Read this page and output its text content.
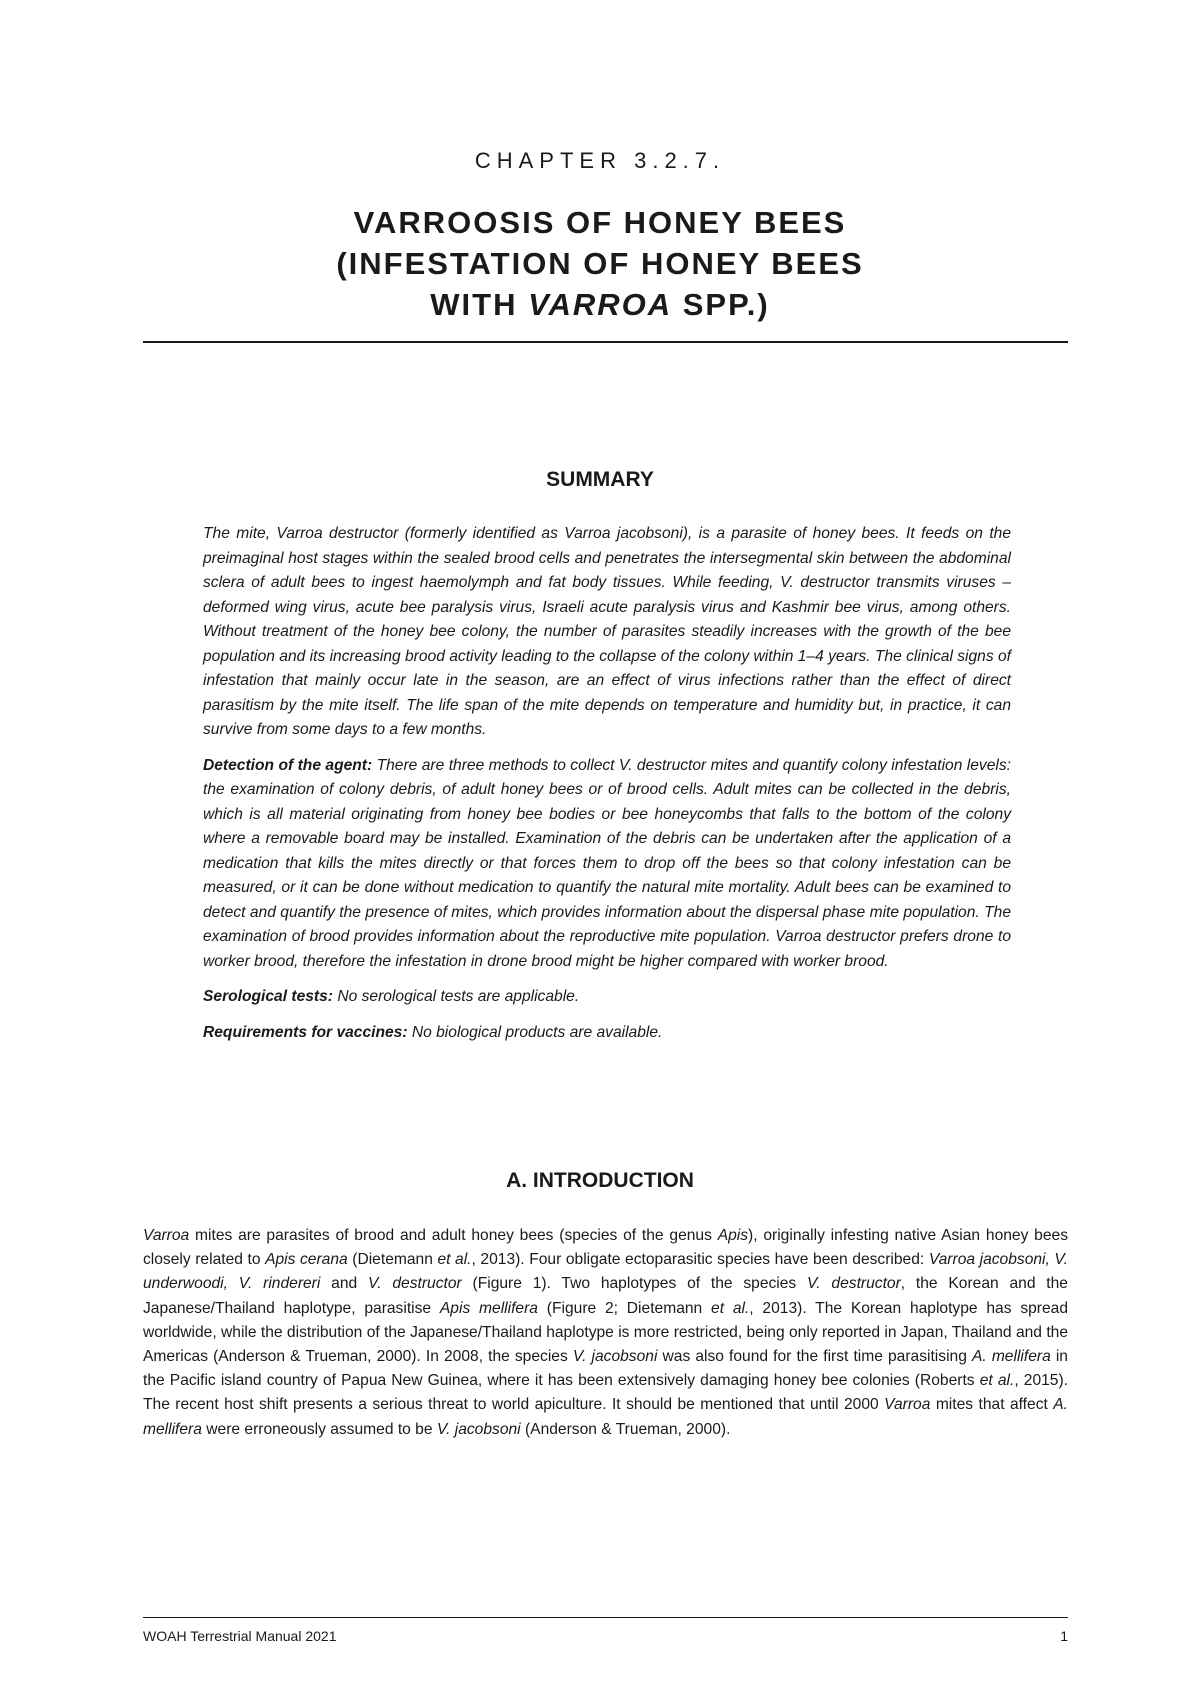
CHAPTER 3.2.7.
VARROOSIS OF HONEY BEES
(INFESTATION OF HONEY BEES
WITH VARROA SPP.)
SUMMARY

The mite, Varroa destructor (formerly identified as Varroa jacobsoni), is a parasite of honey bees. It feeds on the preimaginal host stages within the sealed brood cells and penetrates the intersegmental skin between the abdominal sclera of adult bees to ingest haemolymph and fat body tissues. While feeding, V. destructor transmits viruses – deformed wing virus, acute bee paralysis virus, Israeli acute paralysis virus and Kashmir bee virus, among others. Without treatment of the honey bee colony, the number of parasites steadily increases with the growth of the bee population and its increasing brood activity leading to the collapse of the colony within 1–4 years. The clinical signs of infestation that mainly occur late in the season, are an effect of virus infections rather than the effect of direct parasitism by the mite itself. The life span of the mite depends on temperature and humidity but, in practice, it can survive from some days to a few months.

Detection of the agent: There are three methods to collect V. destructor mites and quantify colony infestation levels: the examination of colony debris, of adult honey bees or of brood cells. Adult mites can be collected in the debris, which is all material originating from honey bee bodies or bee honeycombs that falls to the bottom of the colony where a removable board may be installed. Examination of the debris can be undertaken after the application of a medication that kills the mites directly or that forces them to drop off the bees so that colony infestation can be measured, or it can be done without medication to quantify the natural mite mortality. Adult bees can be examined to detect and quantify the presence of mites, which provides information about the dispersal phase mite population. The examination of brood provides information about the reproductive mite population. Varroa destructor prefers drone to worker brood, therefore the infestation in drone brood might be higher compared with worker brood.

Serological tests: No serological tests are applicable.

Requirements for vaccines: No biological products are available.

A. INTRODUCTION

Varroa mites are parasites of brood and adult honey bees (species of the genus Apis), originally infesting native Asian honey bees closely related to Apis cerana (Dietemann et al., 2013). Four obligate ectoparasitic species have been described: Varroa jacobsoni, V. underwoodi, V. rindereri and V. destructor (Figure 1). Two haplotypes of the species V. destructor, the Korean and the Japanese/Thailand haplotype, parasitise Apis mellifera (Figure 2; Dietemann et al., 2013). The Korean haplotype has spread worldwide, while the distribution of the Japanese/Thailand haplotype is more restricted, being only reported in Japan, Thailand and the Americas (Anderson & Trueman, 2000). In 2008, the species V. jacobsoni was also found for the first time parasitising A. mellifera in the Pacific island country of Papua New Guinea, where it has been extensively damaging honey bee colonies (Roberts et al., 2015). The recent host shift presents a serious threat to world apiculture. It should be mentioned that until 2000 Varroa mites that affect A. mellifera were erroneously assumed to be V. jacobsoni (Anderson & Trueman, 2000).

WOAH Terrestrial Manual 2021	1
